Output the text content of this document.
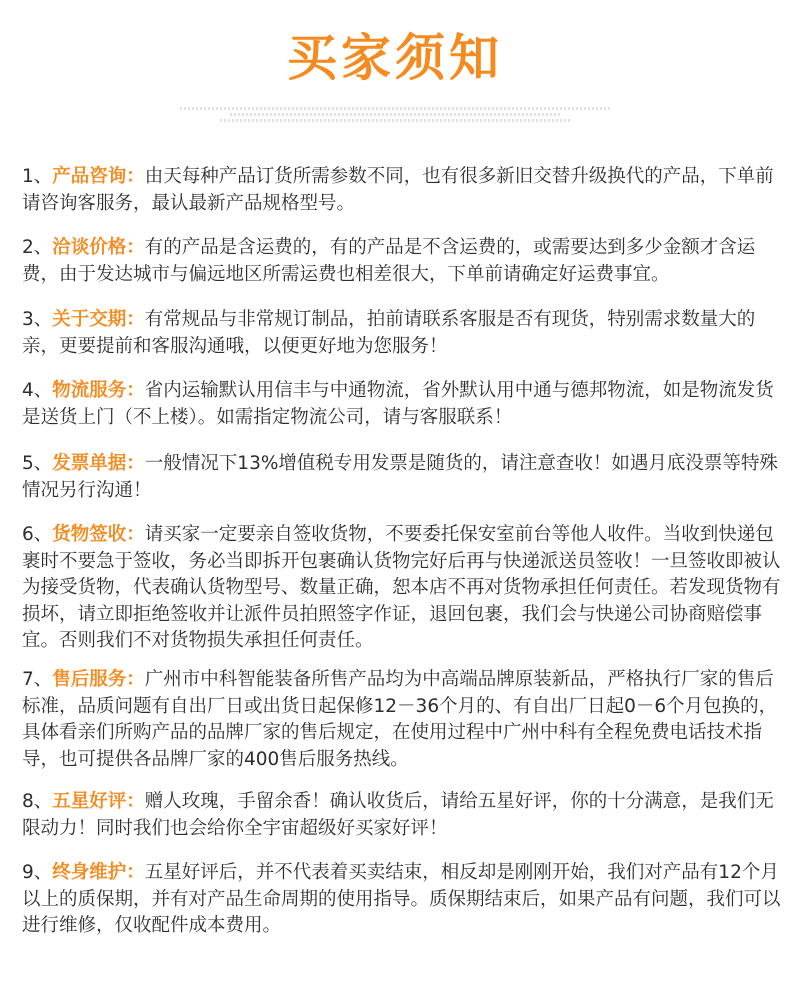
买家须知
1、产品咨询：由天每种产品订货所需参数不同，也有很多新旧交替升级换代的产品，下单前请咨询客服务，最认最新产品规格型号。
2、洽谈价格：有的产品是含运费的，有的产品是不含运费的，或需要达到多少金额才含运费，由于发达城市与偏远地区所需运费也相差很大，下单前请确定好运费事宜。
3、关于交期：有常规品与非常规订制品，拍前请联系客服是否有现货，特别需求数量大的亲，更要提前和客服沟通哦，以便更好地为您服务！
4、物流服务：省内运输默认用信丰与中通物流，省外默认用中通与德邦物流，如是物流发货是送货上门（不上楼）。如需指定物流公司，请与客服联系！
5、发票单据：一般情况下13%增值税专用发票是随货的，请注意查收！如遇月底没票等特殊情况另行沟通！
6、货物签收：请买家一定要亲自签收货物，不要委托保安室前台等他人收件。当收到快递包裹时不要急于签收，务必当即拆开包裹确认货物完好后再与快递派送员签收！一旦签收即被认为接受货物，代表确认货物型号、数量正确，恕本店不再对货物承担任何责任。若发现货物有损坏，请立即拒绝签收并让派件员拍照签字作证，退回包裹，我们会与快递公司协商赔偿事宜。否则我们不对货物损失承担任何责任。
7、售后服务：广州市中科智能装备所售产品均为中高端品牌原装新品，严格执行厂家的售后标准，品质问题有自出厂日或出货日起保修12－36个月的、有自出厂日起0－6个月包换的，具体看亲们所购产品的品牌厂家的售后规定，在使用过程中广州中科有全程免费电话技术指导，也可提供各品牌厂家的400售后服务热线。
8、五星好评：赠人玫瑰，手留余香！确认收货后，请给五星好评，你的十分满意，是我们无限动力！同时我们也会给你全宇宙超级好买家好评！
9、终身维护：五星好评后，并不代表着买卖结束，相反却是刚刚开始，我们对产品有12个月以上的质保期，并有对产品生命周期的使用指导。质保期结束后，如果产品有问题，我们可以进行维修，仅收配件成本费用。
